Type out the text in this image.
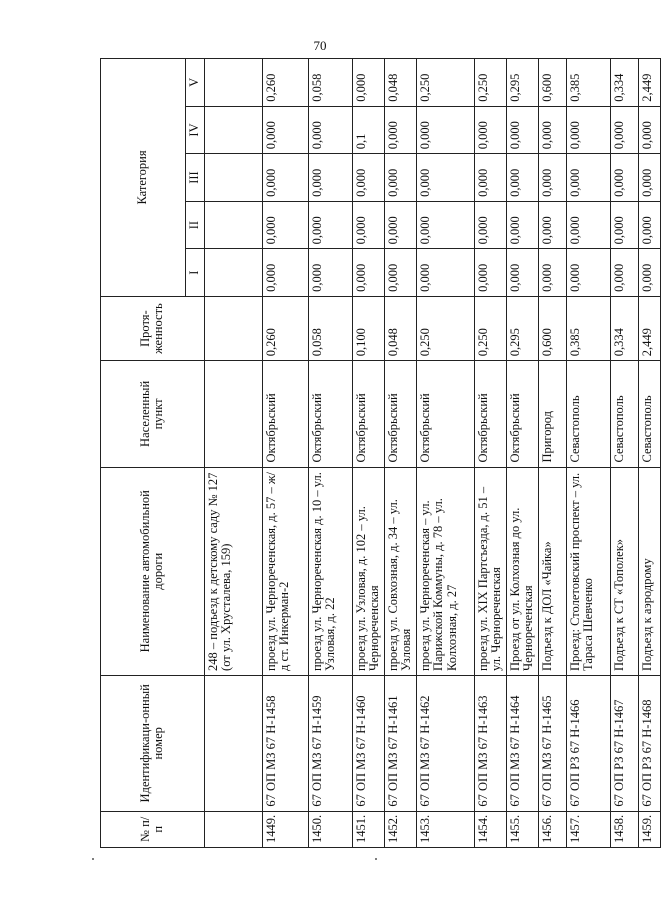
70
№ п/п	Идентификаци-онный номер	Наименование автомобильной дороги	Населенный пункт	Протя-женность	Категория				
					I	II	III	IV	V
		248 – подъезд к детскому саду № 127 (от ул. Хрусталева, 159)							
1449.	67 ОП МЗ 67 Н-1458	проезд ул. Чернореченская, д. 57 – ж/д ст. Инкерман-2	Октябрьский	0,260	0,000	0,000	0,000	0,000	0,260
1450.	67 ОП МЗ 67 Н-1459	проезд ул. Чернореченская д. 10 – ул. Узловая, д. 22	Октябрьский	0,058	0,000	0,000	0,000	0,000	0,058
1451.	67 ОП МЗ 67 Н-1460	проезд ул. Узловая, д. 102 – ул. Чернореченская	Октябрьский	0,100	0,000	0,000	0,000	0,1	0,000
1452.	67 ОП МЗ 67 Н-1461	проезд ул. Совхозная, д. 34 – ул. Узловая	Октябрьский	0,048	0,000	0,000	0,000	0,000	0,048
1453.	67 ОП МЗ 67 Н-1462	проезд ул. Чернореченская – ул. Парижской Коммуны, д. 78 – ул. Колхозная, д. 27	Октябрьский	0,250	0,000	0,000	0,000	0,000	0,250
1454.	67 ОП МЗ 67 Н-1463	проезд ул. XIX Партсъезда, д. 51 – ул. Чернореченская	Октябрьский	0,250	0,000	0,000	0,000	0,000	0,250
1455.	67 ОП МЗ 67 Н-1464	Проезд от ул. Колхозная до ул. Чернореченская	Октябрьский	0,295	0,000	0,000	0,000	0,000	0,295
1456.	67 ОП МЗ 67 Н-1465	Подъезд к ДОЛ «Чайка»	Пригород	0,600	0,000	0,000	0,000	0,000	0,600
1457.	67 ОП РЗ 67 Н-1466	Проезд: Столетовский проспект – ул. Тараса Шевченко	Севастополь	0,385	0,000	0,000	0,000	0,000	0,385
1458.	67 ОП РЗ 67 Н-1467	Подъезд к СТ «Тополек»	Севастополь	0,334	0,000	0,000	0,000	0,000	0,334
1459.	67 ОП РЗ 67 Н-1468	Подъезд к аэродрому	Севастополь	2,449	0,000	0,000	0,000	0,000	2,449
